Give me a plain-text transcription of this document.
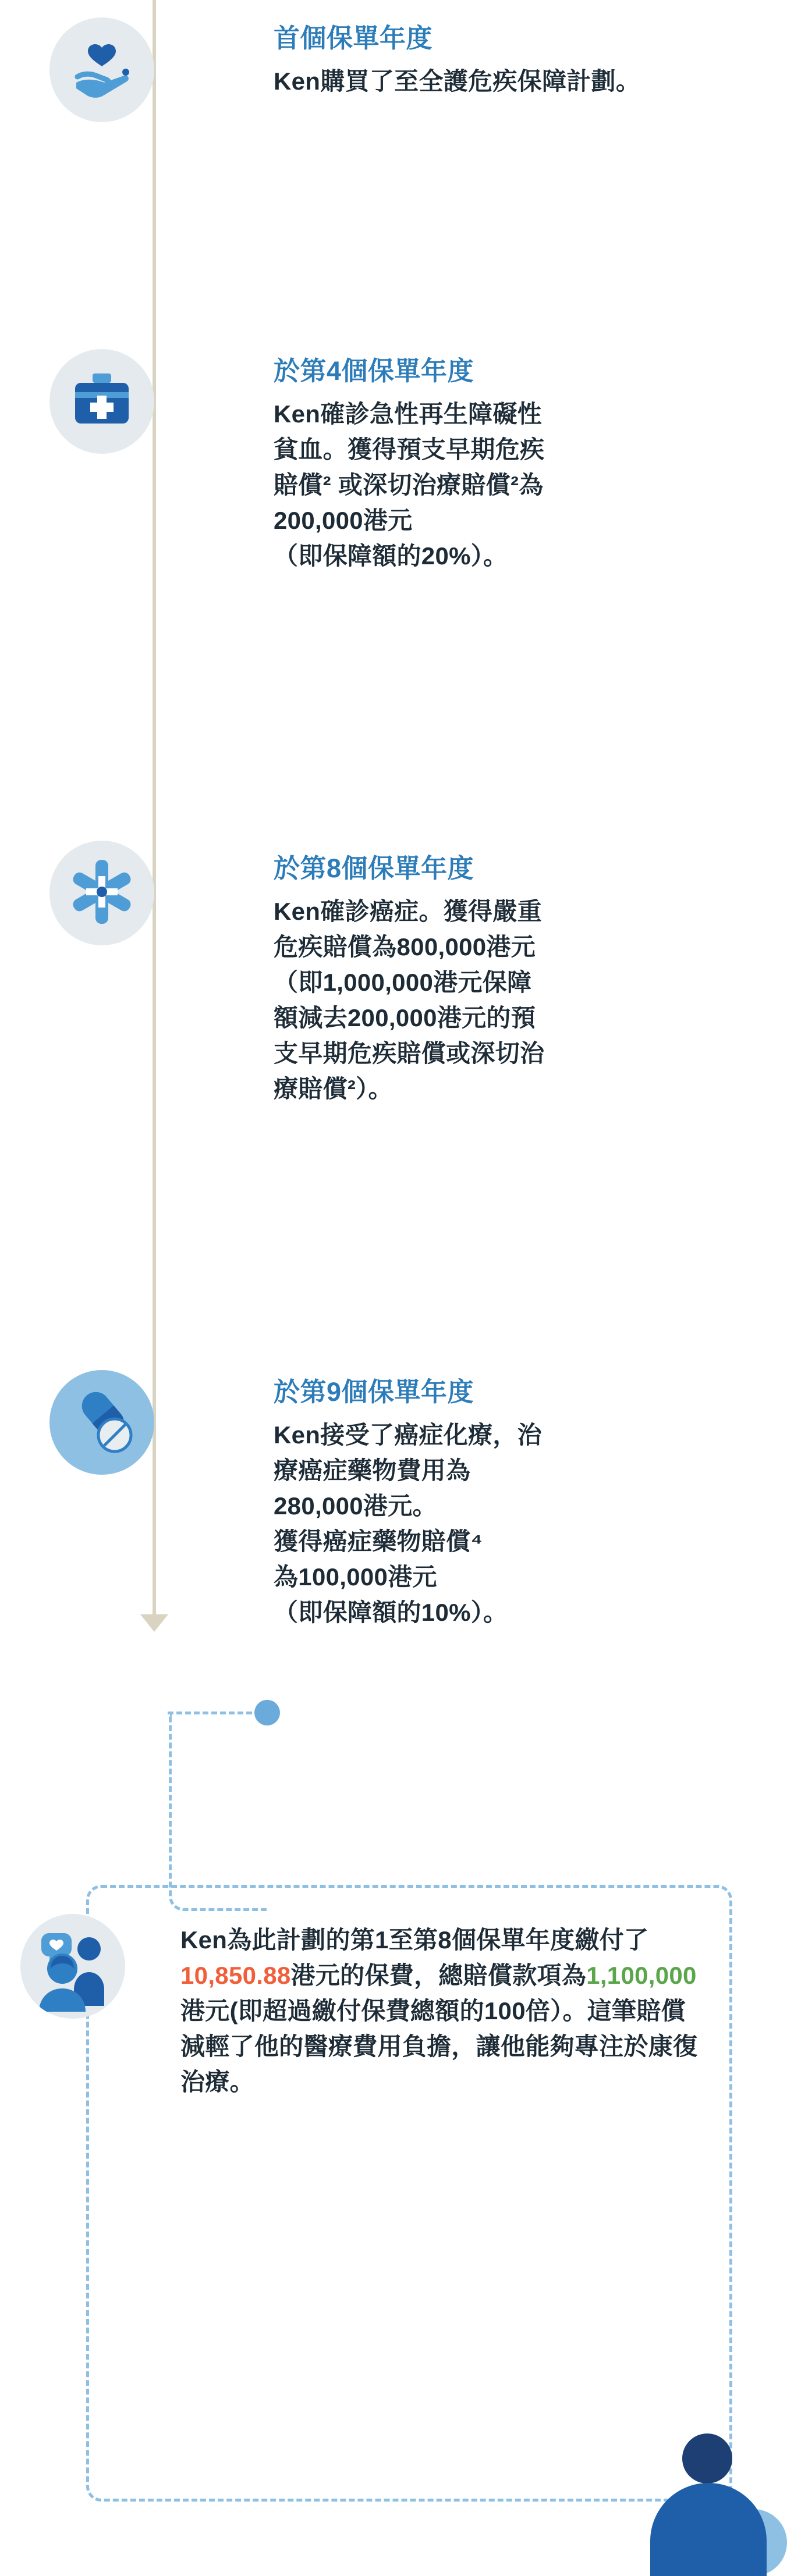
首個保單年度
Ken購買了至全護危疾保障計劃。
於第4個保單年度
Ken確診急性再生障礙性
貧血。獲得預支早期危疾
賠償² 或深切治療賠償²為
200,000港元
（即保障額的20%）。
於第8個保單年度
Ken確診癌症。獲得嚴重
危疾賠償為800,000港元
（即1,000,000港元保障
額減去200,000港元的預
支早期危疾賠償或深切治
療賠償²）。
於第9個保單年度
Ken接受了癌症化療，治
療癌症藥物費用為
280,000港元。
獲得癌症藥物賠償⁴
為100,000港元
（即保障額的10%）。
Ken為此計劃的第1至第8個保單年度繳付了10,850.88港元的保費，總賠償款項為1,100,000港元(即超過繳付保費總額的100倍）。這筆賠償減輕了他的醫療費用負擔，讓他能夠專注於康復治療。
